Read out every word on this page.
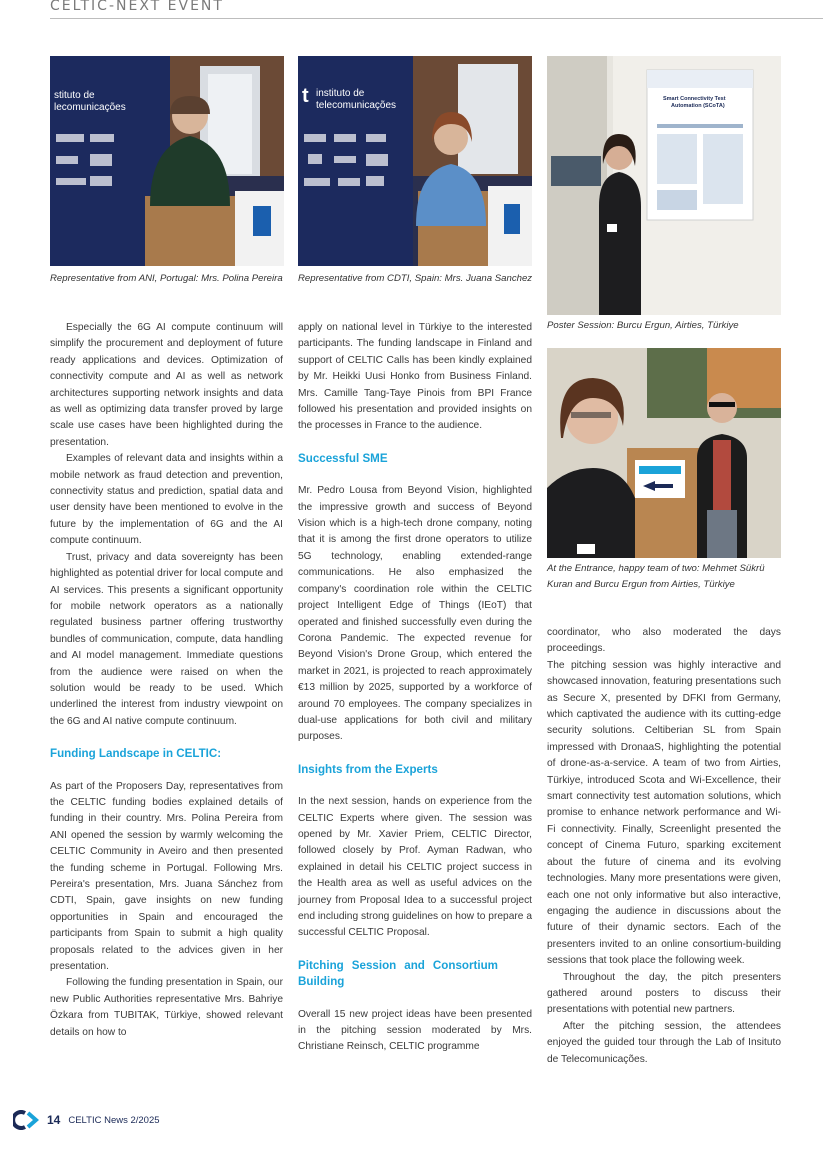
CELTIC-NEXT EVENT
stituto de
lecomunicações
Representative from ANI, Portugal: Mrs. Polina Pereira
t instituto de
telecomunicações
Representative from CDTI, Spain: Mrs. Juana Sanchez
Smart Connectivity Test
Automation (SCoTA)
Poster Session: Burcu Ergun, Airties, Türkiye
At the Entrance, happy team of two: Mehmet Sükrü Kuran and Burcu Ergun from Airties, Türkiye

Especially the 6G AI compute continuum will simplify the procurement and deployment of future ready applications and devices. Optimization of connectivity compute and AI as well as network architectures supporting network insights and data as well as optimizing data transfer proved by large scale use cases have been highlighted during the presentation.

Examples of relevant data and insights within a mobile network as fraud detection and prevention, connectivity status and prediction, spatial data and user density have been mentioned to evolve in the future by the implementation of 6G and the AI compute continuum.

Trust, privacy and data sovereignty has been highlighted as potential driver for local compute and AI services. This presents a significant opportunity for mobile network operators as a nationally regulated business partner offering trustworthy bundles of communication, compute, data handling and AI model management. Immediate questions from the audience were raised on when the solution would be ready to be used. Which underlined the interest from industry viewpoint on the 6G and AI native compute continuum.

Funding Landscape in CELTIC:

As part of the Proposers Day, representatives from the CELTIC funding bodies explained details of funding in their country. Mrs. Polina Pereira from ANI opened the session by warmly welcoming the CELTIC Community in Aveiro and then presented the funding scheme in Portugal. Following Mrs. Pereira's presentation, Mrs. Juana Sánchez from CDTI, Spain, gave insights on new funding opportunities in Spain and encouraged the participants from Spain to submit a high quality proposals related to the advices given in her presentation.

Following the funding presentation in Spain, our new Public Authorities representative Mrs. Bahriye Özkara from TUBITAK, Türkiye, showed relevant details on how to

apply on national level in Türkiye to the interested participants. The funding landscape in Finland and support of CELTIC Calls has been kindly explained by Mr. Heikki Uusi Honko from Business Finland. Mrs. Camille Tang-Taye Pinois from BPI France followed his presentation and provided insights on the processes in France to the audience.

Successful SME

Mr. Pedro Lousa from Beyond Vision, highlighted the impressive growth and success of Beyond Vision which is a high-tech drone company, noting that it is among the first drone operators to utilize 5G technology, enabling extended-range communications. He also emphasized the company's coordination role within the CELTIC project Intelligent Edge of Things (IEoT) that operated and finished successfully even during the Corona Pandemic. The expected revenue for Beyond Vision's Drone Group, which entered the market in 2021, is projected to reach approximately €13 million by 2025, supported by a workforce of around 70 employees. The company specializes in dual-use applications for both civil and military purposes.

Insights from the Experts

In the next session, hands on experience from the CELTIC Experts where given. The session was opened by Mr. Xavier Priem, CELTIC Director, followed closely by Prof. Ayman Radwan, who explained in detail his CELTIC project success in the Health area as well as useful advices on the journey from Proposal Idea to a successful project end including strong guidelines on how to prepare a successful CELTIC Proposal.

Pitching Session and Consortium Building

Overall 15 new project ideas have been presented in the pitching session moderated by Mrs. Christiane Reinsch, CELTIC programme

coordinator, who also moderated the days proceedings.

The pitching session was highly interactive and showcased innovation, featuring presentations such as Secure X, presented by DFKI from Germany, which captivated the audience with its cutting-edge security solutions. Celtiberian SL from Spain impressed with DronaaS, highlighting the potential of drone-as-a-service. A team of two from Airties, Türkiye, introduced Scota and Wi-Excellence, their smart connectivity test automation solutions, which promise to enhance network performance and Wi-Fi connectivity. Finally, Screenlight presented the concept of Cinema Futuro, sparking excitement about the future of cinema and its evolving technologies. Many more presentations were given, each one not only informative but also interactive, engaging the audience in discussions about the future of their dynamic sectors. Each of the presenters invited to an online consortium-building sessions that took place the following week.

Throughout the day, the pitch presenters gathered around posters to discuss their presentations with potential new partners.

After the pitching session, the attendees enjoyed the guided tour through the Lab of Insituto de Telecomunicações.

14 CELTIC News 2/2025
